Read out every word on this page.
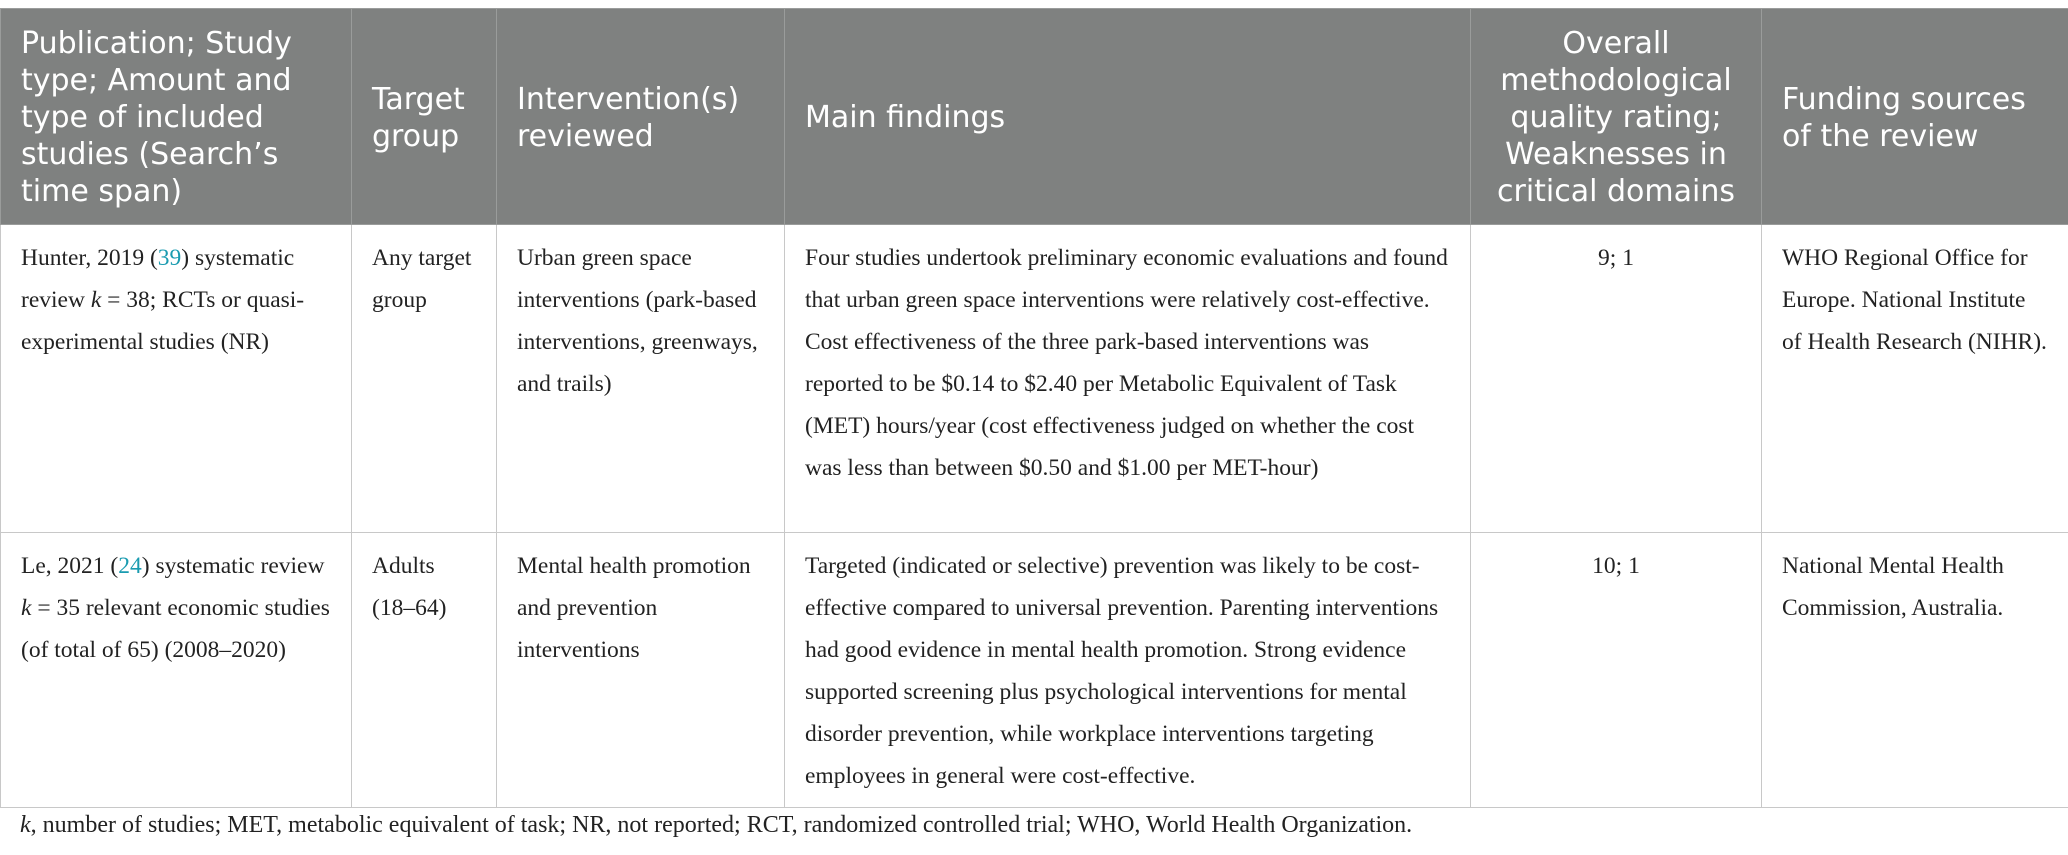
Publication; Study type; Amount and type of included studies (Search’s time span)	Target group	Intervention(s) reviewed	Main findings	Overall methodological quality rating; Weaknesses in critical domains	Funding sources of the review
Hunter, 2019 (39) systematic review k = 38; RCTs or quasi-experimental studies (NR)	Any target group	Urban green space interventions (park-based interventions, greenways, and trails)	Four studies undertook preliminary economic evaluations and found that urban green space interventions were relatively cost-effective. Cost effectiveness of the three park-based interventions was reported to be $0.14 to $2.40 per Metabolic Equivalent of Task (MET) hours/year (cost effectiveness judged on whether the cost was less than between $0.50 and $1.00 per MET-hour)	9; 1	WHO Regional Office for Europe. National Institute of Health Research (NIHR).
Le, 2021 (24) systematic review k = 35 relevant economic studies (of total of 65) (2008–2020)	Adults (18–64)	Mental health promotion and prevention interventions	Targeted (indicated or selective) prevention was likely to be cost-effective compared to universal prevention. Parenting interventions had good evidence in mental health promotion. Strong evidence supported screening plus psychological interventions for mental disorder prevention, while workplace interventions targeting employees in general were cost-effective.	10; 1	National Mental Health Commission, Australia.
k, number of studies; MET, metabolic equivalent of task; NR, not reported; RCT, randomized controlled trial; WHO, World Health Organization.
